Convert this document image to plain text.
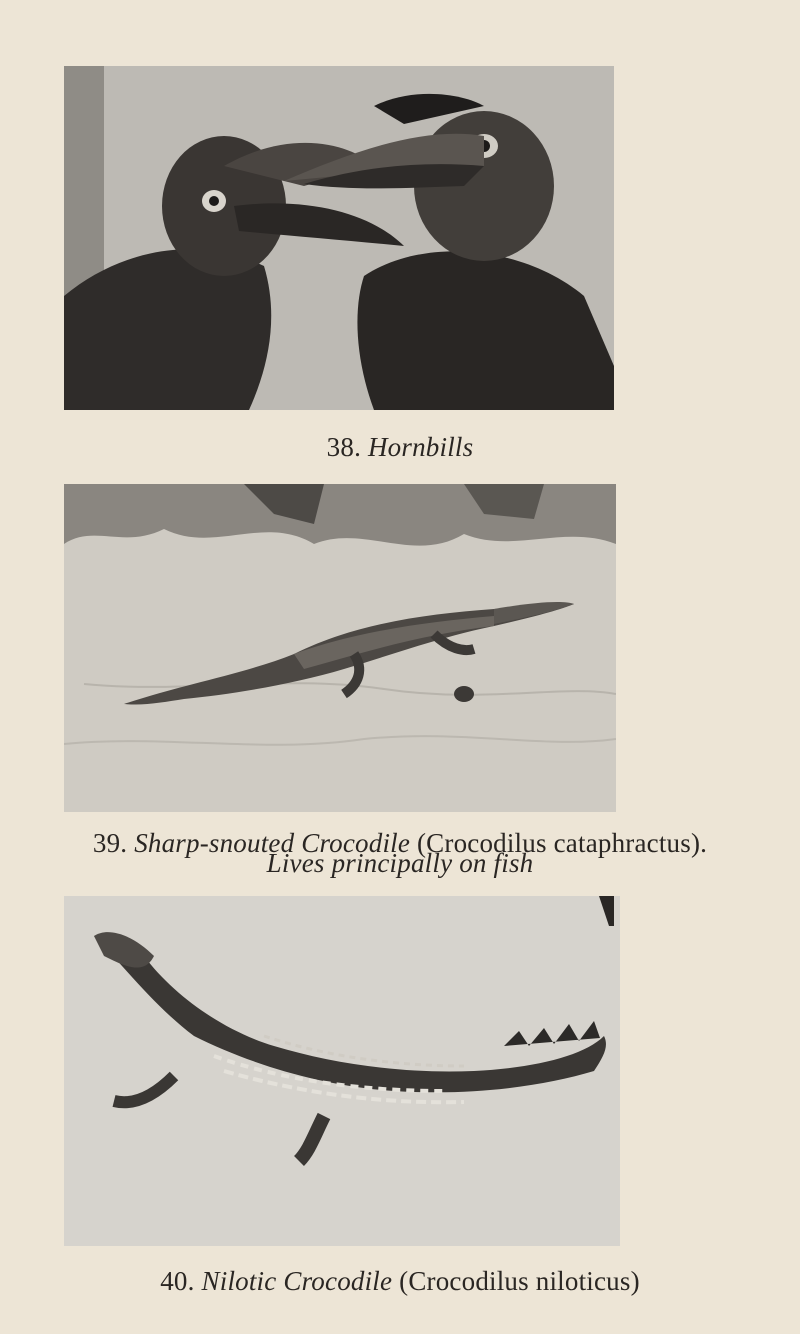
38. Hornbills
39. Sharp-snouted Crocodile (Crocodilus cataphractus).
Lives principally on fish
40. Nilotic Crocodile (Crocodilus niloticus)
